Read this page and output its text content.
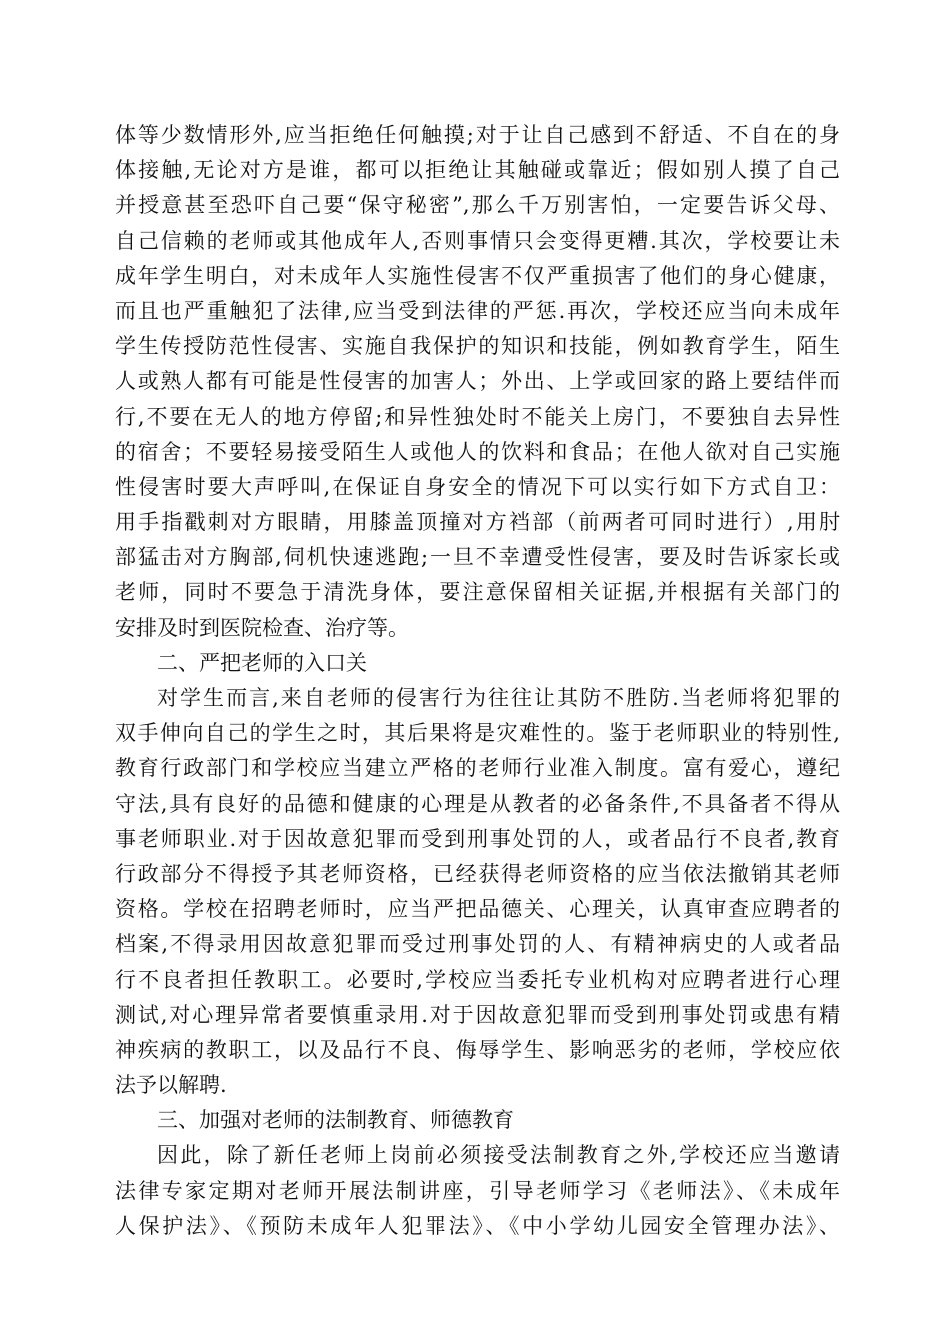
体等少数情形外,应当拒绝任何触摸;对于让自己感到不舒适、不自在的身
体接触,无论对方是谁，都可以拒绝让其触碰或靠近；假如别人摸了自己
并授意甚至恐吓自己要“保守秘密”,那么千万别害怕，一定要告诉父母、
自己信赖的老师或其他成年人,否则事情只会变得更糟.其次，学校要让未
成年学生明白，对未成年人实施性侵害不仅严重损害了他们的身心健康，
而且也严重触犯了法律,应当受到法律的严惩.再次，学校还应当向未成年
学生传授防范性侵害、实施自我保护的知识和技能，例如教育学生，陌生
人或熟人都有可能是性侵害的加害人；外出、上学或回家的路上要结伴而
行,不要在无人的地方停留;和异性独处时不能关上房门，不要独自去异性
的宿舍；不要轻易接受陌生人或他人的饮料和食品；在他人欲对自己实施
性侵害时要大声呼叫,在保证自身安全的情况下可以实行如下方式自卫：
用手指戳刺对方眼睛，用膝盖顶撞对方裆部（前两者可同时进行）,用肘
部猛击对方胸部,伺机快速逃跑;一旦不幸遭受性侵害，要及时告诉家长或
老师，同时不要急于清洗身体，要注意保留相关证据,并根据有关部门的
安排及时到医院检查、治疗等。
二、严把老师的入口关
对学生而言,来自老师的侵害行为往往让其防不胜防.当老师将犯罪的
双手伸向自己的学生之时，其后果将是灾难性的。鉴于老师职业的特别性,
教育行政部门和学校应当建立严格的老师行业准入制度。富有爱心，遵纪
守法,具有良好的品德和健康的心理是从教者的必备条件,不具备者不得从
事老师职业.对于因故意犯罪而受到刑事处罚的人，或者品行不良者,教育
行政部分不得授予其老师资格，已经获得老师资格的应当依法撤销其老师
资格。学校在招聘老师时，应当严把品德关、心理关，认真审查应聘者的
档案,不得录用因故意犯罪而受过刑事处罚的人、有精神病史的人或者品
行不良者担任教职工。必要时,学校应当委托专业机构对应聘者进行心理
测试,对心理异常者要慎重录用.对于因故意犯罪而受到刑事处罚或患有精
神疾病的教职工，以及品行不良、侮辱学生、影响恶劣的老师，学校应依
法予以解聘.
三、加强对老师的法制教育、师德教育
因此，除了新任老师上岗前必须接受法制教育之外,学校还应当邀请
法律专家定期对老师开展法制讲座，引导老师学习《老师法》、《未成年
人保护法》、《预防未成年人犯罪法》、《中小学幼儿园安全管理办法》、
